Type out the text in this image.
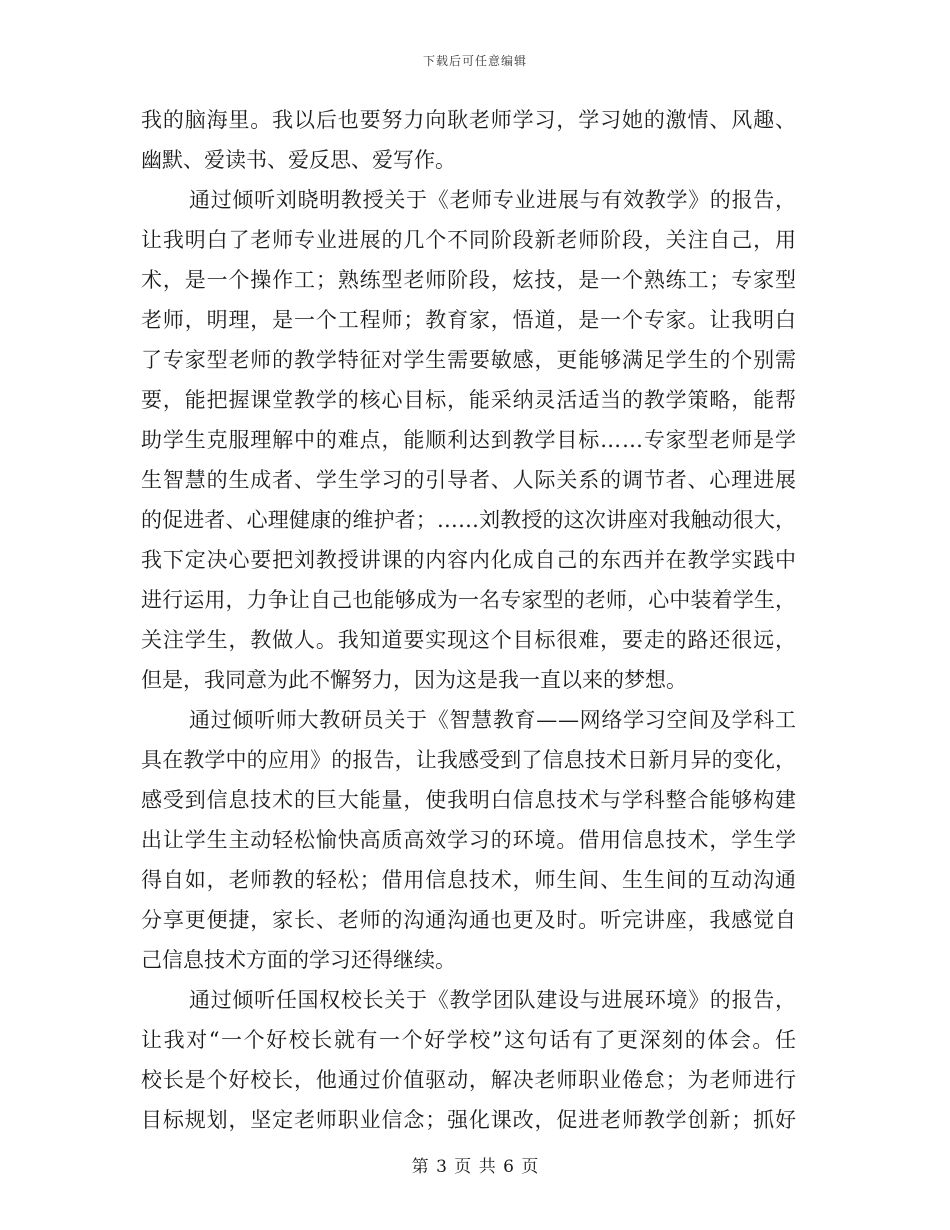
下载后可任意编辑
我的脑海里。我以后也要努力向耿老师学习，学习她的激情、风趣、
幽默、爱读书、爱反思、爱写作。
通过倾听刘晓明教授关于《老师专业进展与有效教学》的报告，
让我明白了老师专业进展的几个不同阶段新老师阶段，关注自己，用
术，是一个操作工；熟练型老师阶段，炫技，是一个熟练工；专家型
老师，明理，是一个工程师；教育家，悟道，是一个专家。让我明白
了专家型老师的教学特征对学生需要敏感，更能够满足学生的个别需
要，能把握课堂教学的核心目标，能采纳灵活适当的教学策略，能帮
助学生克服理解中的难点，能顺利达到教学目标……专家型老师是学
生智慧的生成者、学生学习的引导者、人际关系的调节者、心理进展
的促进者、心理健康的维护者；……刘教授的这次讲座对我触动很大，
我下定决心要把刘教授讲课的内容内化成自己的东西并在教学实践中
进行运用，力争让自己也能够成为一名专家型的老师，心中装着学生，
关注学生，教做人。我知道要实现这个目标很难，要走的路还很远，
但是，我同意为此不懈努力，因为这是我一直以来的梦想。
通过倾听师大教研员关于《智慧教育——网络学习空间及学科工
具在教学中的应用》的报告，让我感受到了信息技术日新月异的变化，
感受到信息技术的巨大能量，使我明白信息技术与学科整合能够构建
出让学生主动轻松愉快高质高效学习的环境。借用信息技术，学生学
得自如，老师教的轻松；借用信息技术，师生间、生生间的互动沟通
分享更便捷，家长、老师的沟通沟通也更及时。听完讲座，我感觉自
己信息技术方面的学习还得继续。
通过倾听任国权校长关于《教学团队建设与进展环境》的报告，
让我对“一个好校长就有一个好学校”这句话有了更深刻的体会。任
校长是个好校长，他通过价值驱动，解决老师职业倦怠；为老师进行
目标规划，坚定老师职业信念；强化课改，促进老师教学创新；抓好
第 3 页 共 6 页
